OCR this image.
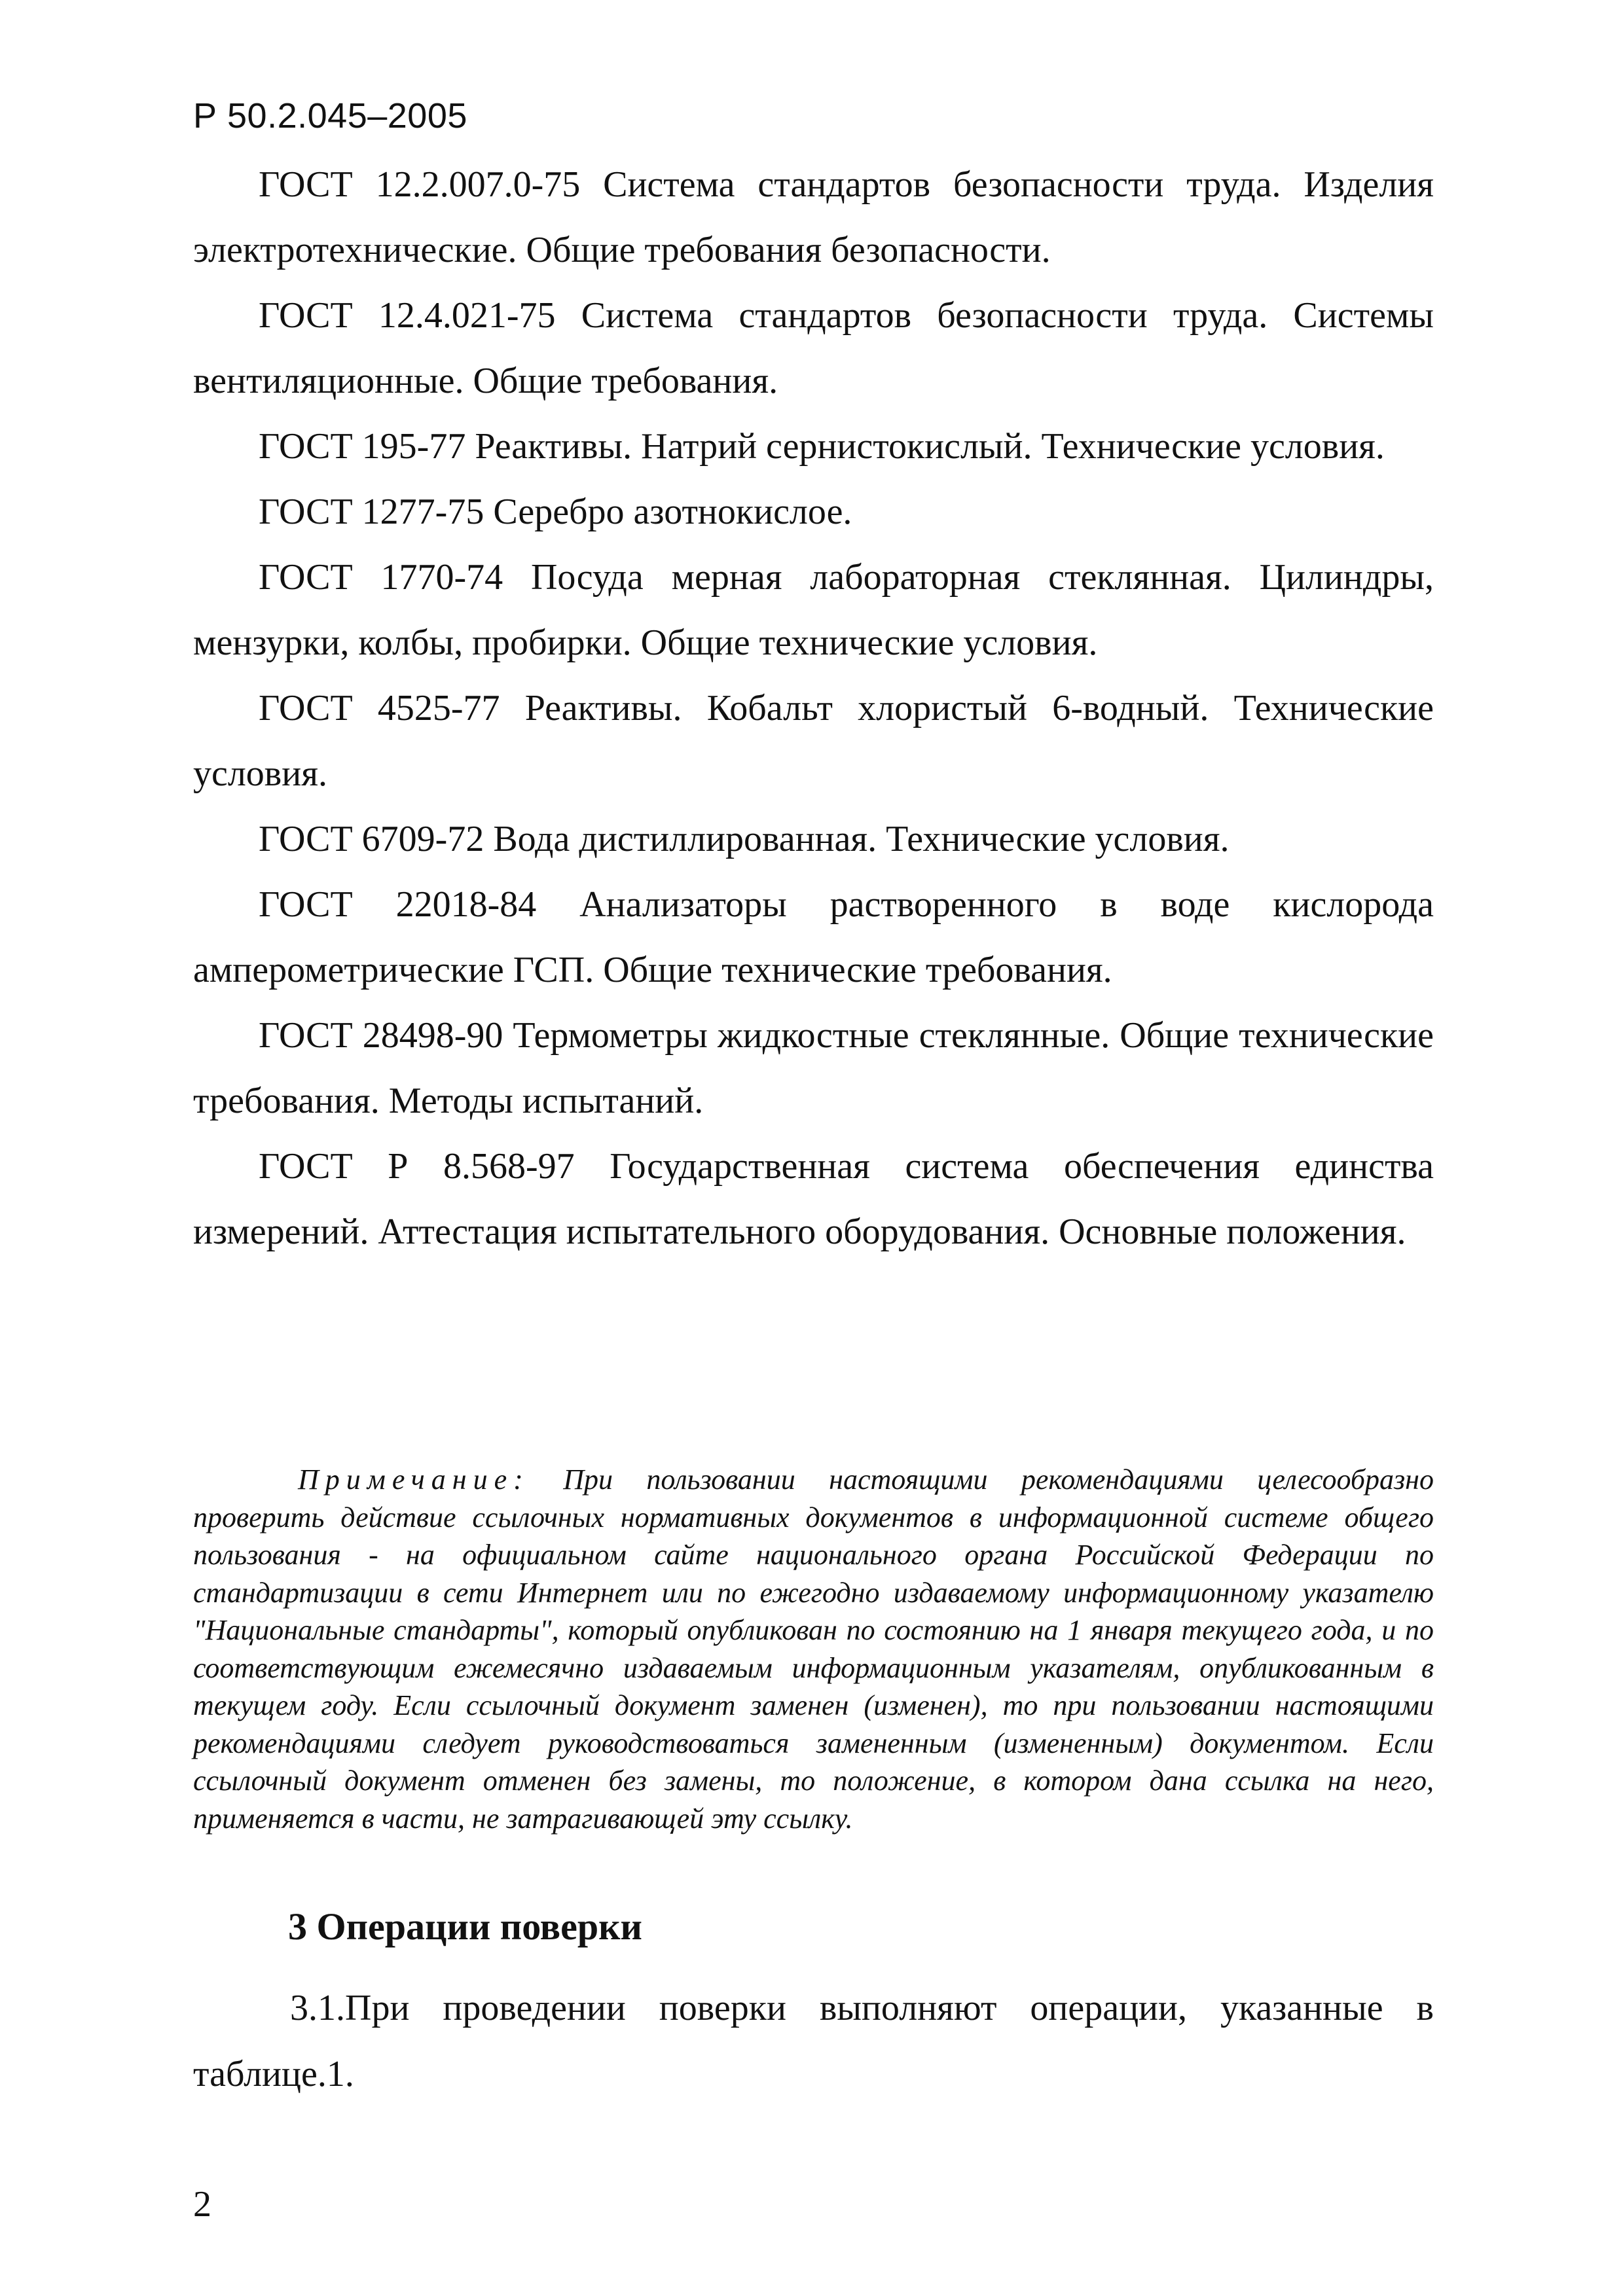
Р 50.2.045–2005

ГОСТ 12.2.007.0-75 Система стандартов безопасности труда. Изделия электротехнические. Общие требования безопасности.

ГОСТ 12.4.021-75 Система стандартов безопасности труда. Системы вентиляционные. Общие требования.

ГОСТ 195-77 Реактивы. Натрий сернистокислый. Технические условия.

ГОСТ 1277-75 Серебро азотнокислое.

ГОСТ 1770-74 Посуда мерная лабораторная стеклянная. Цилиндры, мензурки, колбы, пробирки. Общие технические условия.

ГОСТ 4525-77 Реактивы. Кобальт хлористый 6-водный. Технические условия.

ГОСТ 6709-72 Вода дистиллированная. Технические условия.

ГОСТ 22018-84 Анализаторы растворенного в воде кислорода амперометрические ГСП. Общие технические требования.

ГОСТ 28498-90 Термометры жидкостные стеклянные. Общие технические требования. Методы испытаний.

ГОСТ Р 8.568-97 Государственная система обеспечения единства измерений. Аттестация испытательного оборудования. Основные положения.

Примечание: При пользовании настоящими рекомендациями целесообразно проверить действие ссылочных нормативных документов в информационной системе общего пользования - на официальном сайте национального органа Российской Федерации по стандартизации в сети Интернет или по ежегодно издаваемому информационному указателю "Национальные стандарты", который опубликован по состоянию на 1 января текущего года, и по соответствующим ежемесячно издаваемым информационным указателям, опубликованным в текущем году. Если ссылочный документ заменен (изменен), то при пользовании настоящими рекомендациями следует руководствоваться замененным (измененным) документом. Если ссылочный документ отменен без замены, то положение, в котором дана ссылка на него, применяется в части, не затрагивающей эту ссылку.

3 Операции поверки

3.1.При проведении поверки выполняют операции, указанные в таблице.1.

2
